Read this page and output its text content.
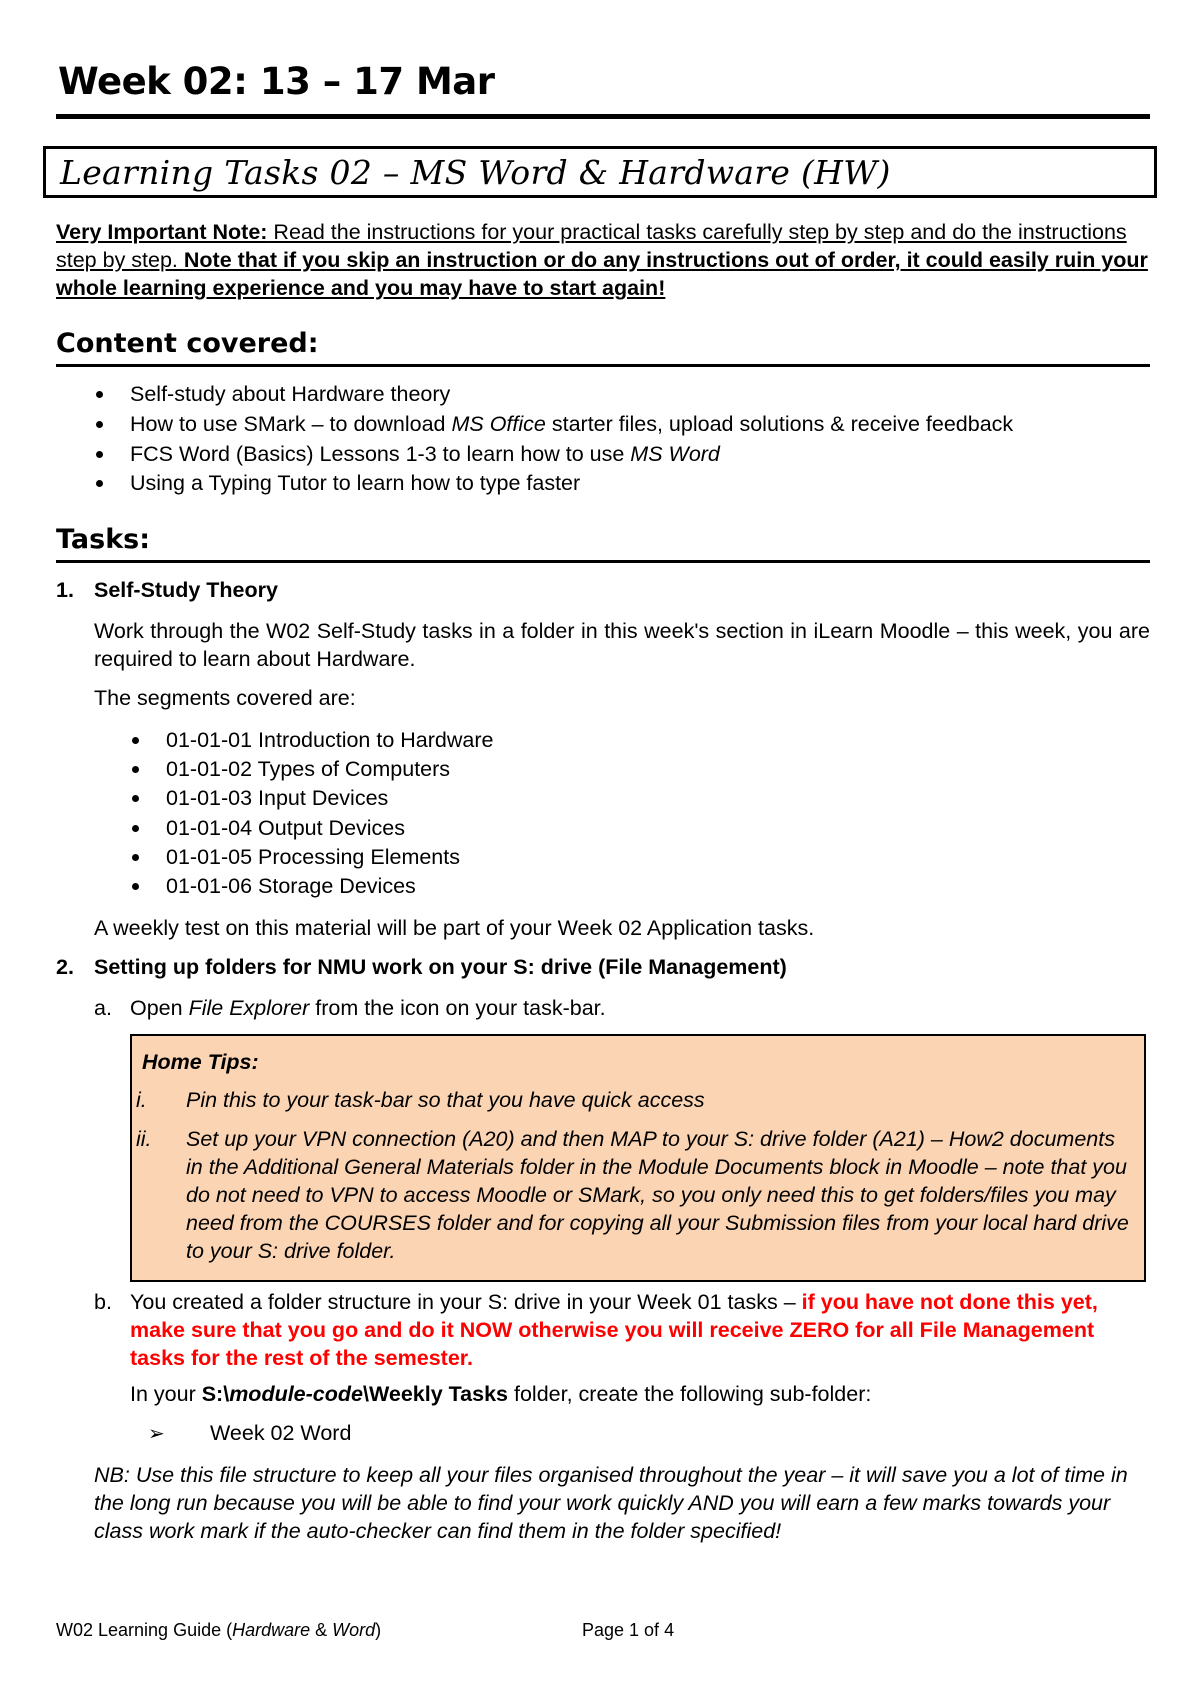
Week 02: 13 – 17 Mar
Learning Tasks 02 – MS Word & Hardware (HW)
Very Important Note: Read the instructions for your practical tasks carefully step by step and do the instructions step by step. Note that if you skip an instruction or do any instructions out of order, it could easily ruin your whole learning experience and you may have to start again!
Content covered:
Self-study about Hardware theory
How to use SMark – to download MS Office starter files, upload solutions & receive feedback
FCS Word (Basics) Lessons 1-3 to learn how to use MS Word
Using a Typing Tutor to learn how to type faster
Tasks:
1. Self-Study Theory
Work through the W02 Self-Study tasks in a folder in this week's section in iLearn Moodle – this week, you are required to learn about Hardware.
The segments covered are:
01-01-01 Introduction to Hardware
01-01-02 Types of Computers
01-01-03 Input Devices
01-01-04 Output Devices
01-01-05 Processing Elements
01-01-06 Storage Devices
A weekly test on this material will be part of your Week 02 Application tasks.
2. Setting up folders for NMU work on your S: drive (File Management)
a. Open File Explorer from the icon on your task-bar.
Home Tips:
i. Pin this to your task-bar so that you have quick access
ii. Set up your VPN connection (A20) and then MAP to your S: drive folder (A21) – How2 documents in the Additional General Materials folder in the Module Documents block in Moodle – note that you do not need to VPN to access Moodle or SMark, so you only need this to get folders/files you may need from the COURSES folder and for copying all your Submission files from your local hard drive to your S: drive folder.
b. You created a folder structure in your S: drive in your Week 01 tasks – if you have not done this yet, make sure that you go and do it NOW otherwise you will receive ZERO for all File Management tasks for the rest of the semester.
In your S:\module-code\Weekly Tasks folder, create the following sub-folder:
➢ Week 02 Word
NB: Use this file structure to keep all your files organised throughout the year – it will save you a lot of time in the long run because you will be able to find your work quickly AND you will earn a few marks towards your class work mark if the auto-checker can find them in the folder specified!
W02 Learning Guide (Hardware & Word)	Page 1 of 4
